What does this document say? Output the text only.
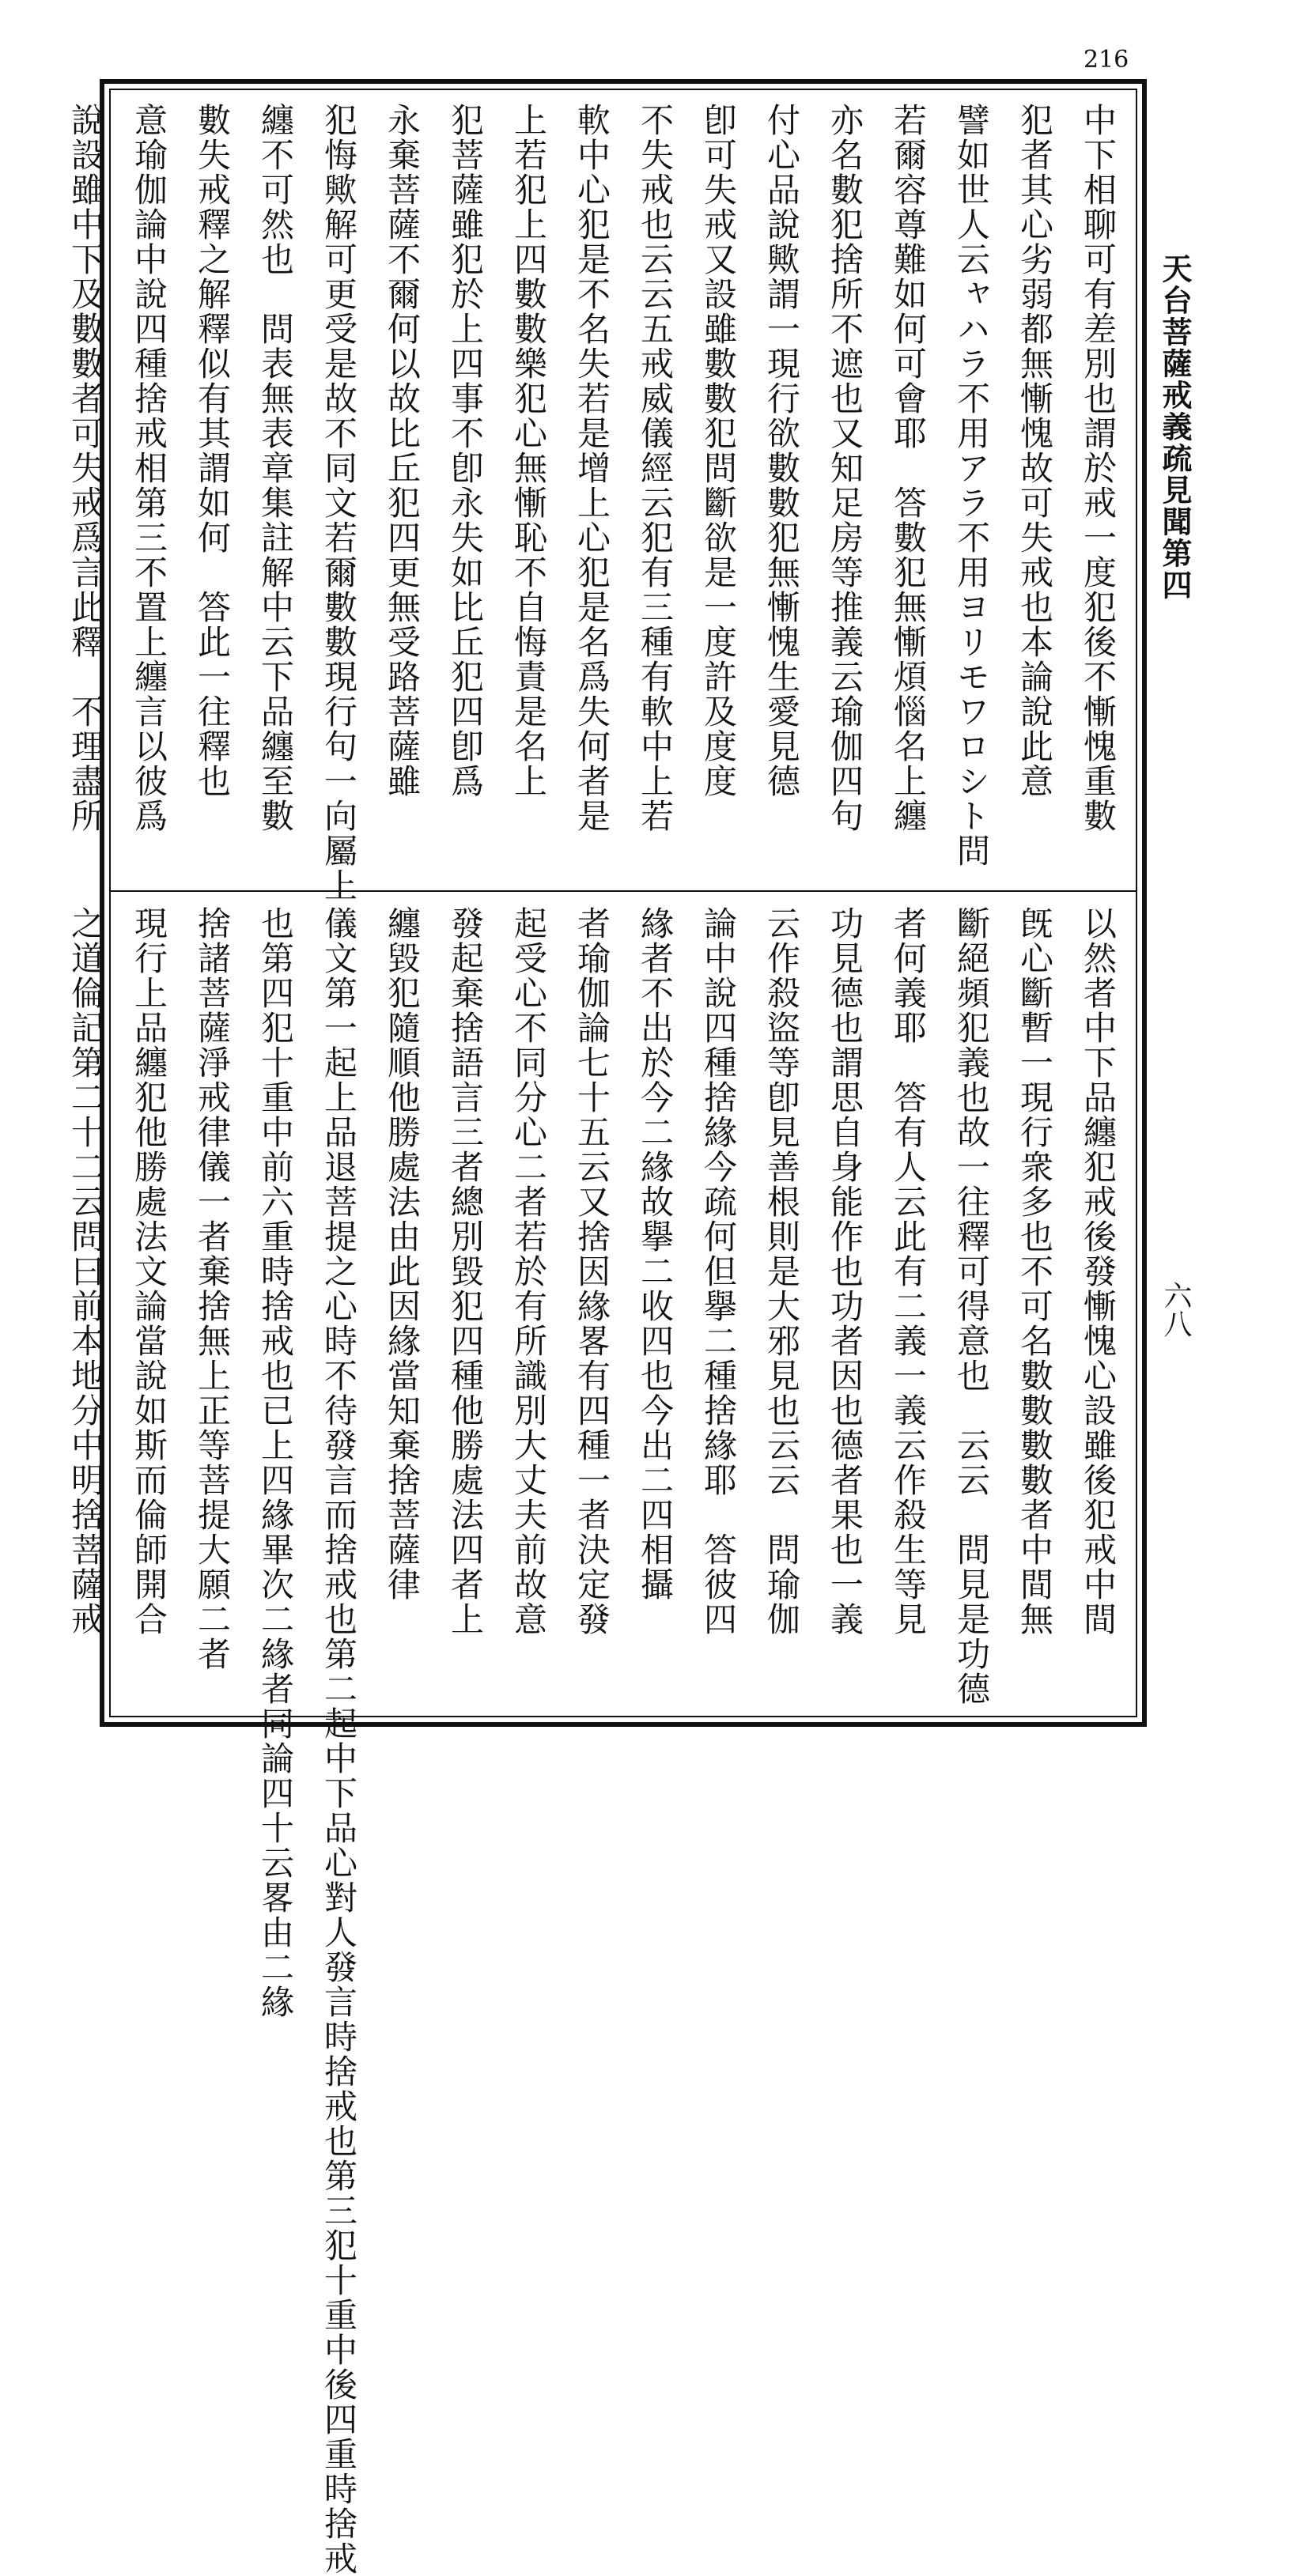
216
天台菩薩戒義疏見聞第四
六八
中下相聊可有差別也謂於戒一度犯後不慚愧重數
犯者其心劣弱都無慚愧故可失戒也本論說此意
譬如世人云ャハラ不用アラ不用ヨリモワロシト問
若爾容尊難如何可會耶　答數犯無慚煩惱名上纏
亦名數犯捨所不遮也又知足房等推義云瑜伽四句
付心品說歟謂一現行欲數數犯無慚愧生愛見德
卽可失戒又設雖數數犯問斷欲是一度許及度度
不失戒也云云五戒威儀經云犯有三種有軟中上若
軟中心犯是不名失若是增上心犯是名爲失何者是
上若犯上四數數樂犯心無慚恥不自悔責是名上
犯菩薩雖犯於上四事不卽永失如比丘犯四卽爲
永棄菩薩不爾何以故比丘犯四更無受路菩薩雖
犯悔歟解可更受是故不同文若爾數數現行句一向屬上
纏不可然也　問表無表章集註解中云下品纏至數
數失戒釋之解釋似有其謂如何　答此一往釋也
意瑜伽論中說四種捨戒相第三不置上纏言以彼爲
說設雖中下及數數者可失戒爲言此釋　不理盡所
以然者中下品纏犯戒後發慚愧心設雖後犯戒中間
旣心斷暫一現行衆多也不可名數數數數者中間無
斷絕頻犯義也故一往釋可得意也　云云　問見是功德
者何義耶　答有人云此有二義一義云作殺生等見
功見德也謂思自身能作也功者因也德者果也一義
云作殺盜等卽見善根則是大邪見也云云　問瑜伽
論中說四種捨緣今疏何但擧二種捨緣耶　答彼四
緣者不出於今二緣故擧二收四也今出二四相攝
者瑜伽論七十五云又捨因緣畧有四種一者決定發
起受心不同分心二者若於有所識別大丈夫前故意
發起棄捨語言三者總別毀犯四種他勝處法四者上
纏毀犯隨順他勝處法由此因緣當知棄捨菩薩律
儀文第一起上品退菩提之心時不待發言而捨戒也第二起中下品心對人發言時捨戒也第三犯十重中後四重時捨戒
也第四犯十重中前六重時捨戒也已上四緣畢次二緣者同論四十云畧由二緣
捨諸菩薩淨戒律儀一者棄捨無上正等菩提大願二者
現行上品纏犯他勝處法文論當說如斯而倫師開合
之道倫記第二十二云問曰前本地分中明捨菩薩戒
